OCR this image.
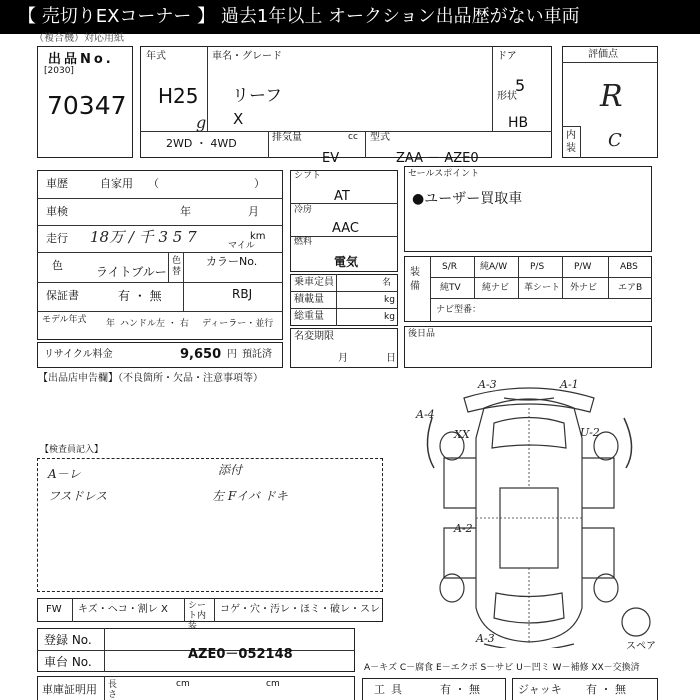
【 売切りEXコーナー 】 過去1年以上 オークション出品歴がない車両
（複合機）対応用紙
出品No.
[2030]
70347
年式
H25
g
車名・グレード
リーフ
X
ドア
5
形状
HB
2WD ・ 4WD	排気量	cc
EV
型式
ZAA － AZE0
評価点
R
内装 C
車歴	自家用 （	）
車検	年	月
走行 18万 / 千 3 5 7	km
マイル
色	ライトブルー
色替
カラーNo.
RBJ
保証書	有 ・ 無
モデル年式 年 ハンドル 左 ・ 右 ディーラー・並行
リサイクル料金	9,650 円 預託済
シフト
AT
冷房
AAC
燃料
電気
乗車定員	名
積載量	kg
総重量	kg
名変期限
月	日
セールスポイント
●ユーザー買取車
装備
S/R	純A/W	P/S	P/W	ABS
純TV 純ナビ 革シート 外ナビ エアB
ナビ型番：
後日品
【出品店申告欄】（不良箇所・欠品・注意事項等）
【検査員記入】
A－レ
フスドレス
添付
左 Fイバ ドキ
FW キズ・ヘコ・割レ X シート内装
コゲ・穴・汚レ・ほミ・破レ・スレ
登録 No.
車台 No.	AZE0－052148
車庫証明用 長さ
cm	cm	工具	有 ・ 無	ジャッキ 有 ・ 無
A－キズ C－腐食 E－エクボ S－サビ U－凹ミ W－補修 XX－交換済
A-3	A-1
A-4
XX	U-2
A-2
A-3
スペア
